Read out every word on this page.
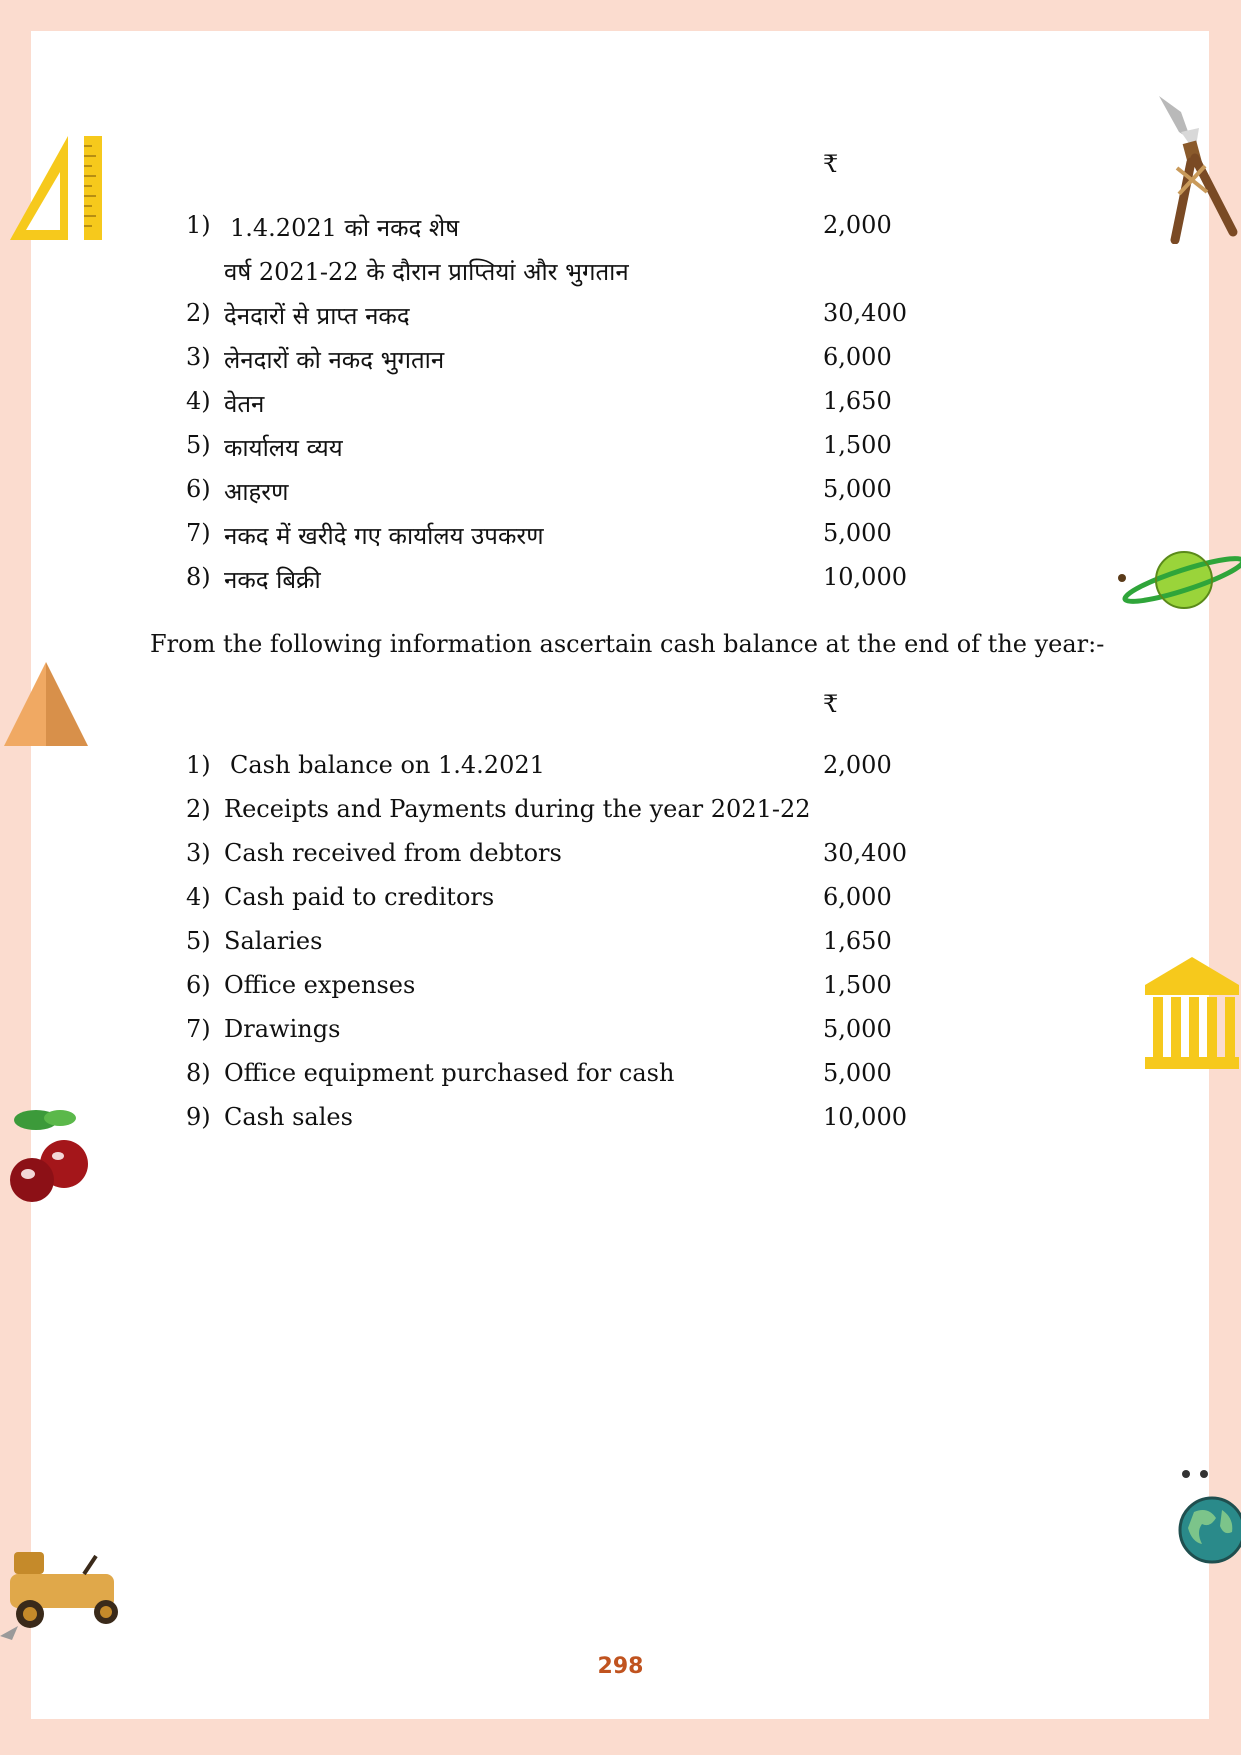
₹
1) 1.4.2021 को नकद शेष	2,000
वर्ष 2021-22 के दौरान प्राप्तियां और भुगतान
2) देनदारों से प्राप्त नकद	30,400
3) लेनदारों को नकद भुगतान	6,000
4) वेतन	1,650
5) कार्यालय व्यय	1,500
6) आहरण	5,000
7) नकद में खरीदे गए कार्यालय उपकरण	5,000
8) नकद बिक्री	10,000
From the following information ascertain cash balance at the end of the year:-
₹
1) Cash balance on 1.4.2021	2,000
2) Receipts and Payments during the year 2021-22
3) Cash received from debtors	30,400
4) Cash paid to creditors	6,000
5) Salaries	1,650
6) Office expenses	1,500
7) Drawings	5,000
8) Office equipment purchased for cash	5,000
9) Cash sales	10,000
298
